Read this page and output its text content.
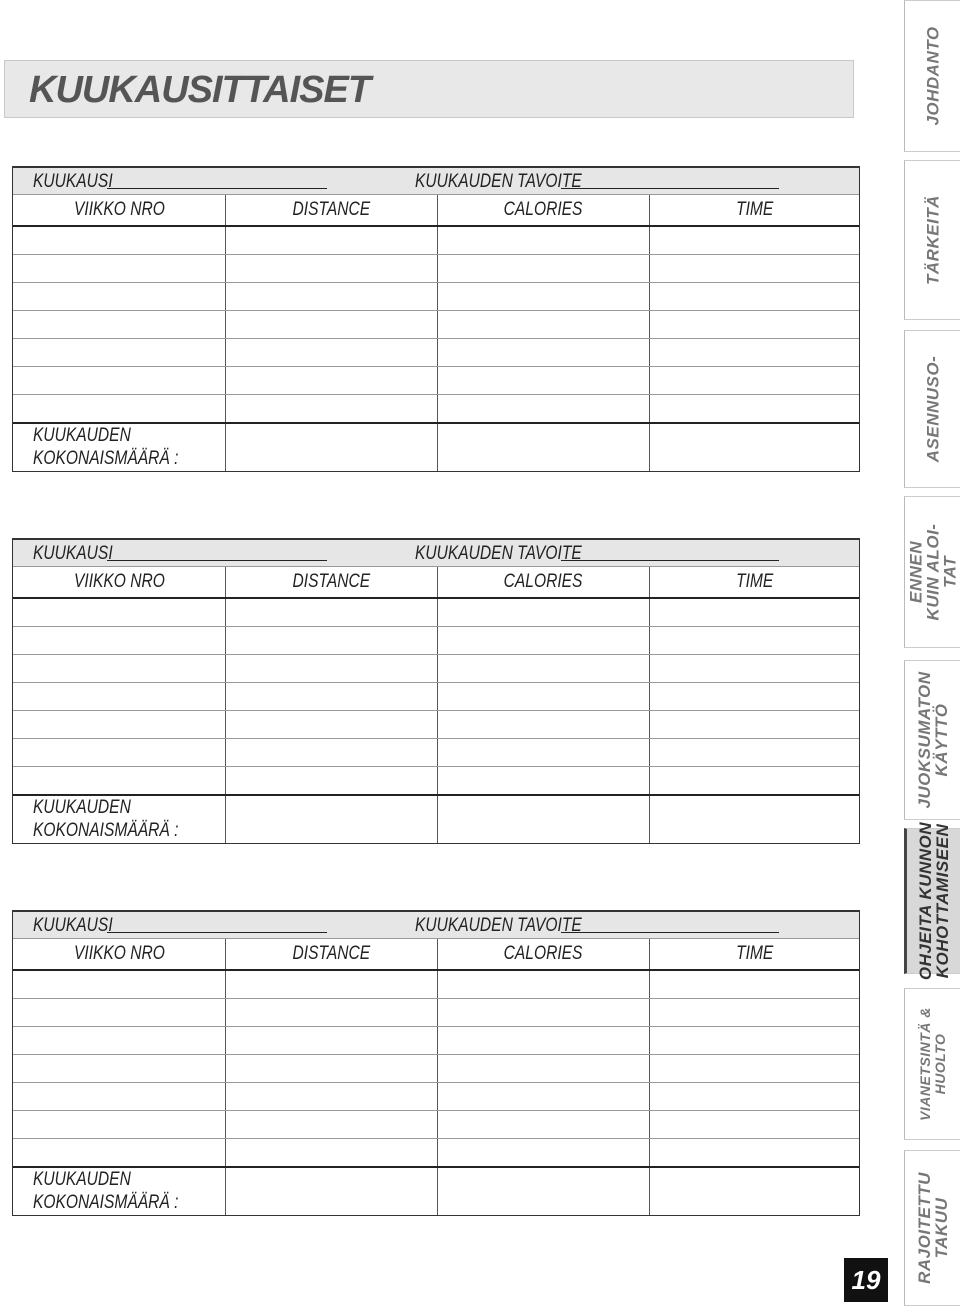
KUUKAUSITTAISET
KUUKAUSI	KUUKAUDEN TAVOITE
VIIKKO NRO	DISTANCE	CALORIES	TIME
KUUKAUDEN
KOKONAISMÄÄRÄ :
KUUKAUSI	KUUKAUDEN TAVOITE
VIIKKO NRO	DISTANCE	CALORIES	TIME
KUUKAUDEN
KOKONAISMÄÄRÄ :
KUUKAUSI	KUUKAUDEN TAVOITE
VIIKKO NRO	DISTANCE	CALORIES	TIME
KUUKAUDEN
KOKONAISMÄÄRÄ :
JOHDANTO
TÄRKEITÄ
ASENNUSO-
ENNEN
KUIN ALOI-
TAT
JUOKSUMATON
KÄYTTÖ
OHJEITA KUNNON
KOHOTTAMISEEN
VIANETSINTÄ &
HUOLTO
RAJOITETTU
TAKUU
19
